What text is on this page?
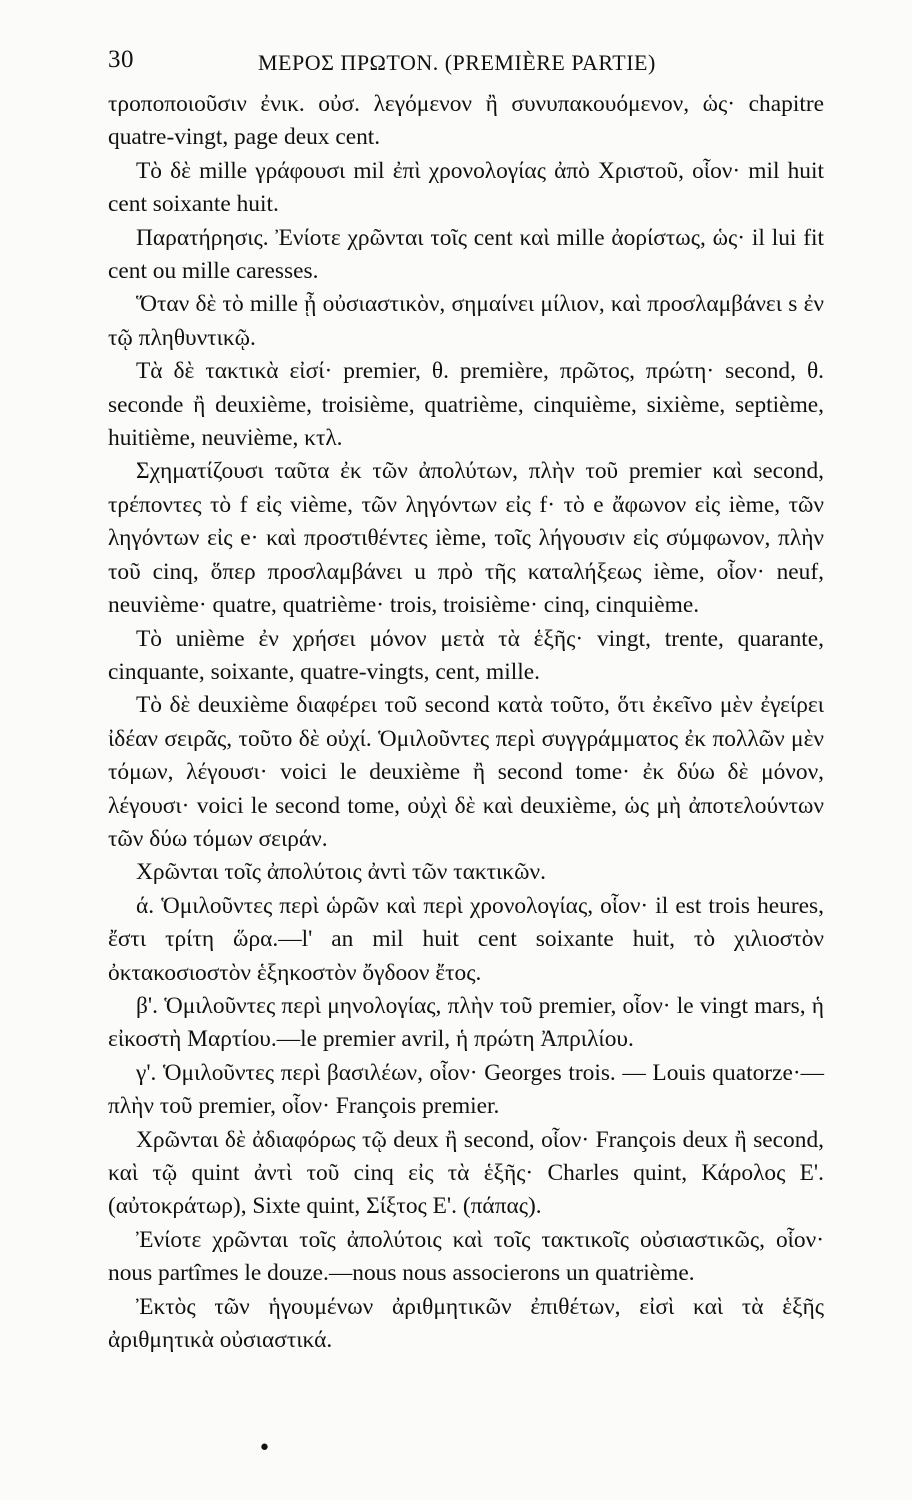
30	ΜΕΡΟΣ ΠΡΩΤΟΝ. (PREMIÈRE PARTIE)

τροποποιοῦσιν ἐνικ. οὐσ. λεγόμενον ἢ συνυπακουόμενον, ὡς· chapitre quatre-vingt, page deux cent.

Τὸ δὲ mille γράφουσι mil ἐπὶ χρονολογίας ἀπὸ Χριστοῦ, οἷον· mil huit cent soixante huit.

Παρατήρησις. Ἐνίοτε χρῶνται τοῖς cent καὶ mille ἀορίστως, ὡς· il lui fit cent ou mille caresses.

Ὅταν δὲ τὸ mille ᾖ οὐσιαστικὸν, σημαίνει μίλιον, καὶ προσλαμβάνει s ἐν τῷ πληθυντικῷ.

Τὰ δὲ τακτικὰ εἰσί· premier, θ. première, πρῶτος, πρώτη· second, θ. seconde ἢ deuxième, troisième, quatrième, cinquième, sixième, septième, huitième, neuvième, κτλ.

Σχηματίζουσι ταῦτα ἐκ τῶν ἀπολύτων, πλὴν τοῦ premier καὶ second, τρέποντες τὸ f εἰς vième, τῶν ληγόντων εἰς f· τὸ e ἄφωνον εἰς ième, τῶν ληγόντων εἰς e· καὶ προστιθέντες ième, τοῖς λήγουσιν εἰς σύμφωνον, πλὴν τοῦ cinq, ὅπερ προσλαμβάνει u πρὸ τῆς καταλήξεως ième, οἷον· neuf, neuvième· quatre, quatrième· trois, troisième· cinq, cinquième.

Τὸ unième ἐν χρήσει μόνον μετὰ τὰ ἑξῆς· vingt, trente, quarante, cinquante, soixante, quatre-vingts, cent, mille.

Τὸ δὲ deuxième διαφέρει τοῦ second κατὰ τοῦτο, ὅτι ἐκεῖνο μὲν ἐγείρει ἰδέαν σειρᾶς, τοῦτο δὲ οὐχί. Ὁμιλοῦντες περὶ συγγράμματος ἐκ πολλῶν μὲν τόμων, λέγουσι· voici le deuxième ἢ second tome· ἐκ δύω δὲ μόνον, λέγουσι· voici le second tome, οὐχὶ δὲ καὶ deuxième, ὡς μὴ ἀποτελούντων τῶν δύω τόμων σειράν.

Χρῶνται τοῖς ἀπολύτοις ἀντὶ τῶν τακτικῶν.

ά. Ὁμιλοῦντες περὶ ὡρῶν καὶ περὶ χρονολογίας, οἷον· il est trois heures, ἔστι τρίτη ὥρα.—l' an mil huit cent soixante huit, τὸ χιλιοστὸν ὀκτακοσιοστὸν ἑξηκοστὸν ὄγδοον ἔτος.

β'. Ὁμιλοῦντες περὶ μηνολογίας, πλὴν τοῦ premier, οἷον· le vingt mars, ἡ εἰκοστὴ Μαρτίου.—le premier avril, ἡ πρώτη Ἀπριλίου.

γ'. Ὁμιλοῦντες περὶ βασιλέων, οἷον· Georges trois. — Louis quatorze·—πλὴν τοῦ premier, οἷον· François premier.

Χρῶνται δὲ ἀδιαφόρως τῷ deux ἢ second, οἷον· François deux ἢ second, καὶ τῷ quint ἀντὶ τοῦ cinq εἰς τὰ ἑξῆς· Charles quint, Κάρολος Ε'. (αὐτοκράτωρ), Sixte quint, Σίξτος Ε'. (πάπας).

Ἐνίοτε χρῶνται τοῖς ἀπολύτοις καὶ τοῖς τακτικοῖς οὐσιαστικῶς, οἷον· nous partîmes le douze.—nous nous associerons un quatrième.

Ἐκτὸς τῶν ἡγουμένων ἀριθμητικῶν ἐπιθέτων, εἰσὶ καὶ τὰ ἑξῆς ἀριθμητικὰ οὐσιαστικά.

•
